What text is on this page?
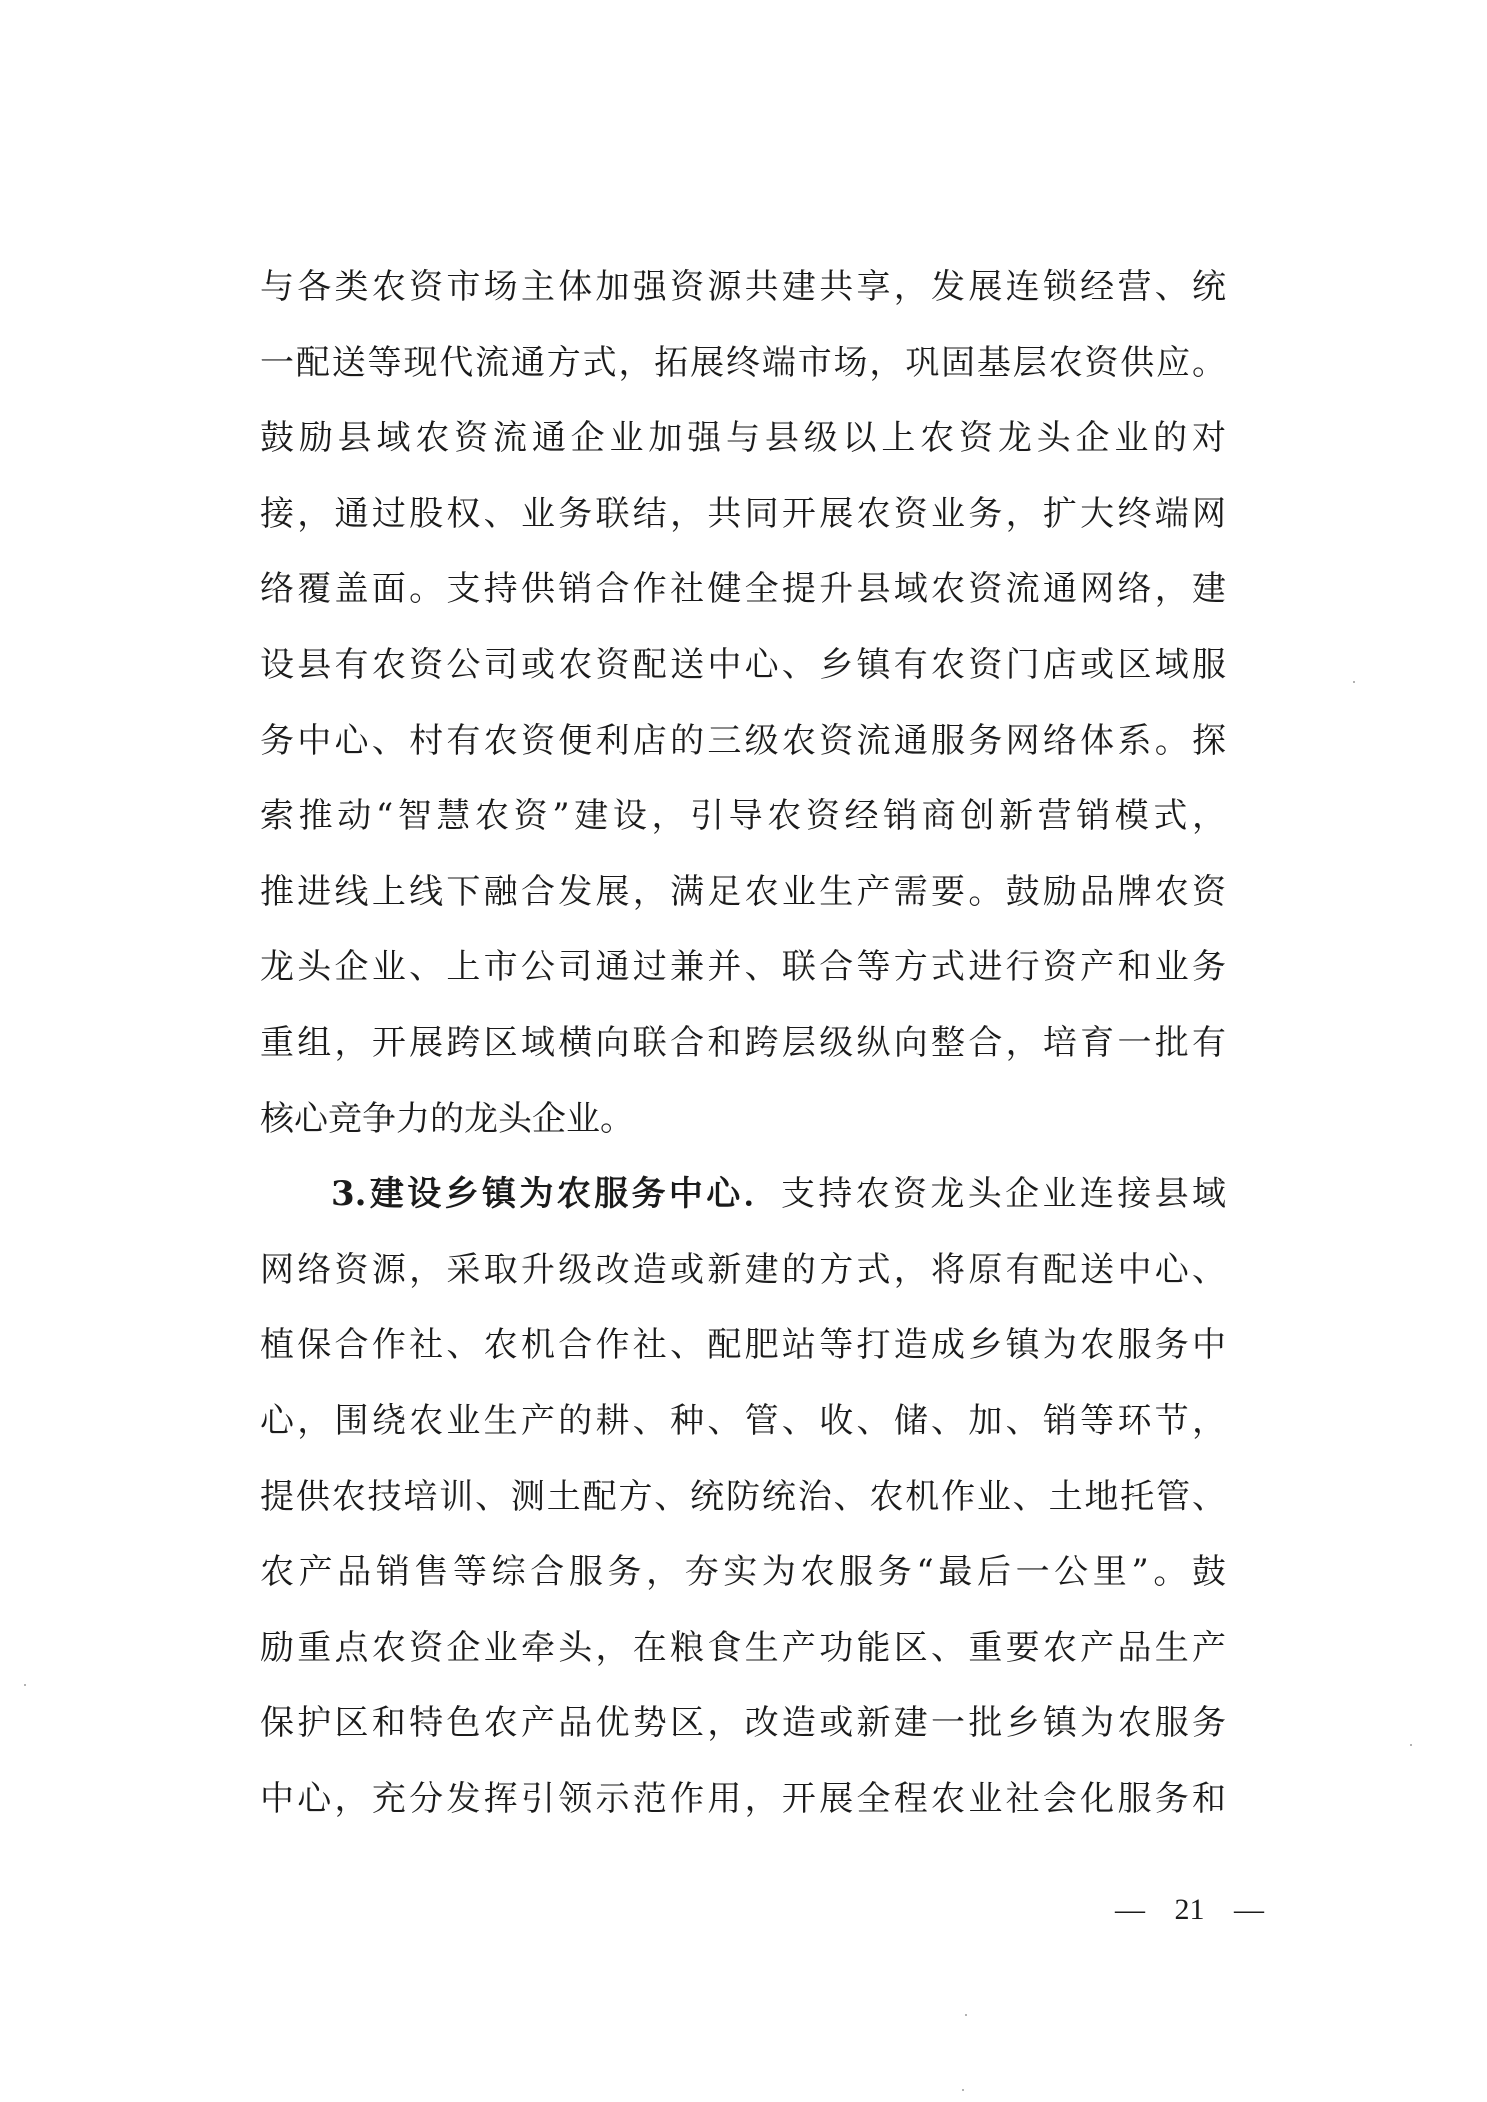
与各类农资市场主体加强资源共建共享，发展连锁经营、统
一配送等现代流通方式，拓展终端市场，巩固基层农资供应。
鼓励县域农资流通企业加强与县级以上农资龙头企业的对
接，通过股权、业务联结，共同开展农资业务，扩大终端网
络覆盖面。支持供销合作社健全提升县域农资流通网络，建
设县有农资公司或农资配送中心、乡镇有农资门店或区域服
务中心、村有农资便利店的三级农资流通服务网络体系。探
索推动“智慧农资”建设，引导农资经销商创新营销模式，
推进线上线下融合发展，满足农业生产需要。鼓励品牌农资
龙头企业、上市公司通过兼并、联合等方式进行资产和业务
重组，开展跨区域横向联合和跨层级纵向整合，培育一批有
核心竞争力的龙头企业。
3.建设乡镇为农服务中心．支持农资龙头企业连接县域
网络资源，采取升级改造或新建的方式，将原有配送中心、
植保合作社、农机合作社、配肥站等打造成乡镇为农服务中
心，围绕农业生产的耕、种、管、收、储、加、销等环节，
提供农技培训、测土配方、统防统治、农机作业、土地托管、
农产品销售等综合服务，夯实为农服务“最后一公里”。鼓
励重点农资企业牵头，在粮食生产功能区、重要农产品生产
保护区和特色农产品优势区，改造或新建一批乡镇为农服务
中心，充分发挥引领示范作用，开展全程农业社会化服务和
— 21 —
